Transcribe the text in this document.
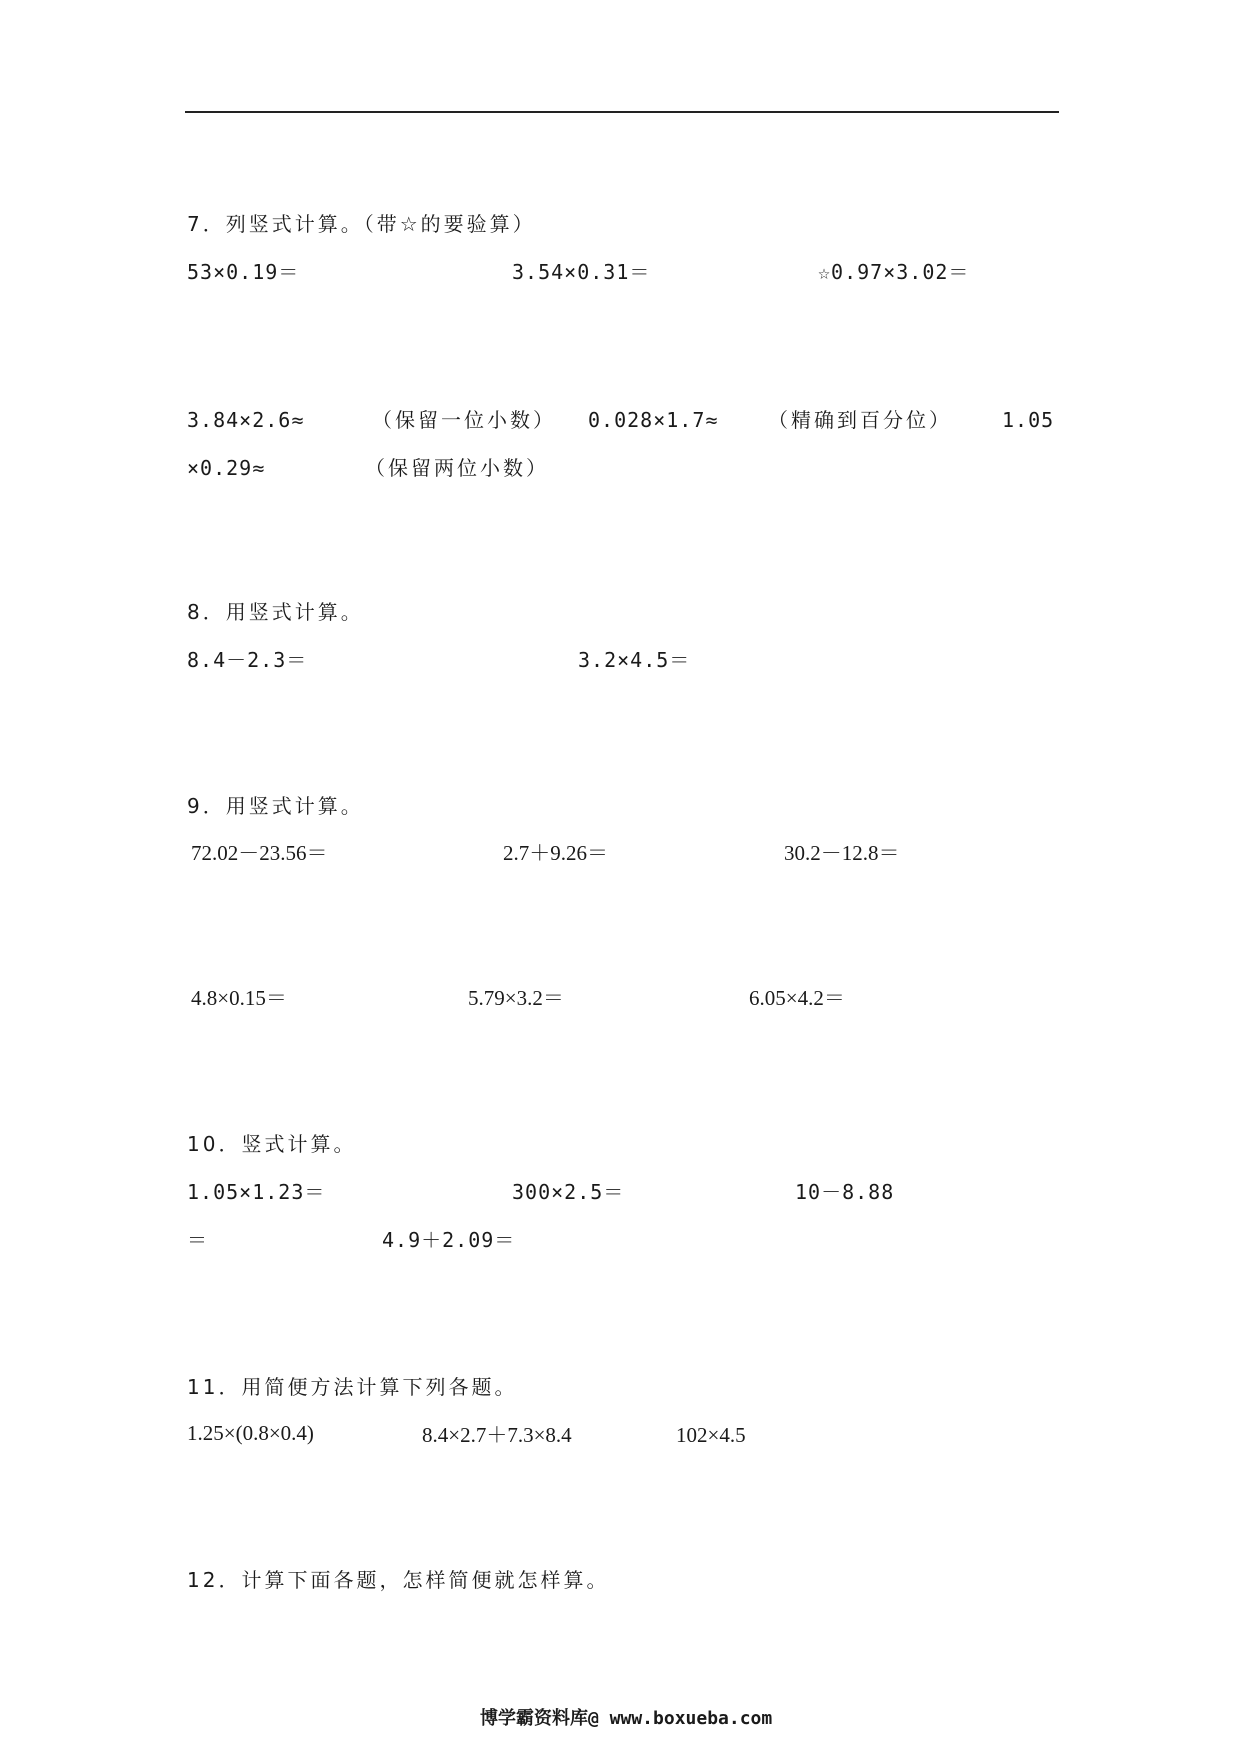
7．列竖式计算。（带☆的要验算）
53×0.19＝	3.54×0.31＝	☆0.97×3.02＝
3.84×2.6≈	（保留一位小数） 0.028×1.7≈ （精确到百分位）	1.05
×0.29≈	（保留两位小数）
8．用竖式计算。
8.4－2.3＝	3.2×4.5＝
9．用竖式计算。
72.02－23.56＝	2.7＋9.26＝	30.2－12.8＝
4.8×0.15＝	5.79×3.2＝	6.05×4.2＝
10．竖式计算。
1.05×1.23＝	300×2.5＝	10－8.88
＝	4.9＋2.09＝
11．用简便方法计算下列各题。
1.25×(0.8×0.4)	8.4×2.7＋7.3×8.4	102×4.5
12．计算下面各题，怎样简便就怎样算。
博学霸资料库@ www.boxueba.com
